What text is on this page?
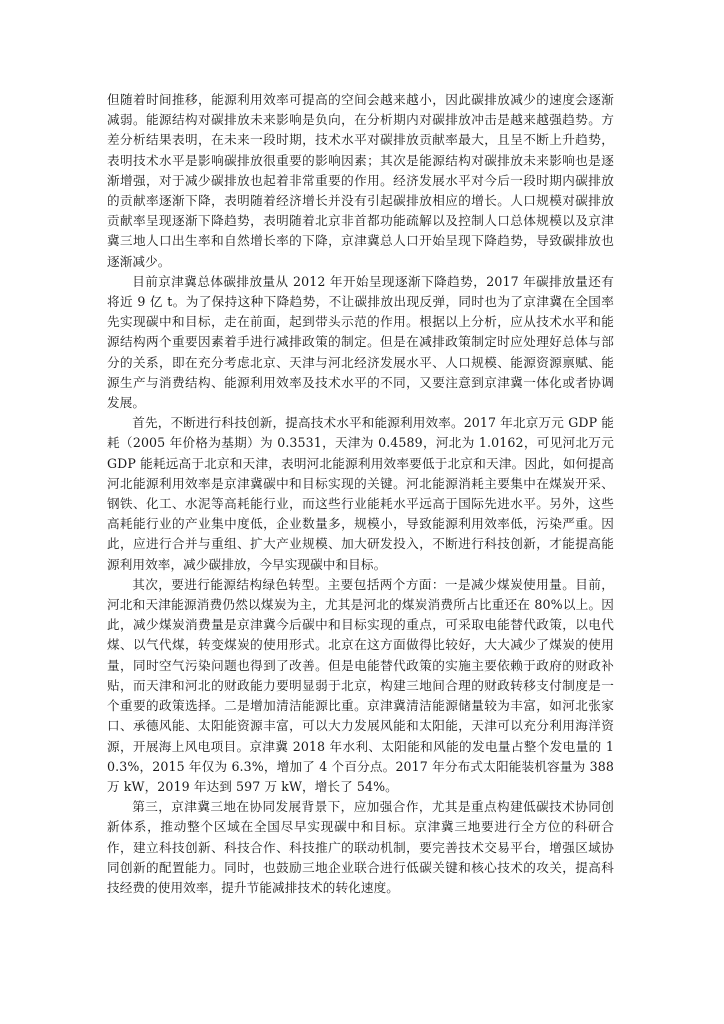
但随着时间推移，能源利用效率可提高的空间会越来越小，因此碳排放减少的速度会逐渐减弱。能源结构对碳排放未来影响是负向，在分析期内对碳排放冲击是越来越强趋势。方差分析结果表明，在未来一段时期，技术水平对碳排放贡献率最大，且呈不断上升趋势，表明技术水平是影响碳排放很重要的影响因素；其次是能源结构对碳排放未来影响也是逐渐增强，对于减少碳排放也起着非常重要的作用。经济发展水平对今后一段时期内碳排放的贡献率逐渐下降，表明随着经济增长并没有引起碳排放相应的增长。人口规模对碳排放贡献率呈现逐渐下降趋势，表明随着北京非首都功能疏解以及控制人口总体规模以及京津冀三地人口出生率和自然增长率的下降，京津冀总人口开始呈现下降趋势，导致碳排放也逐渐减少。

目前京津冀总体碳排放量从 2012 年开始呈现逐渐下降趋势，2017 年碳排放量还有将近 9 亿 t。为了保持这种下降趋势，不让碳排放出现反弹，同时也为了京津冀在全国率先实现碳中和目标，走在前面，起到带头示范的作用。根据以上分析，应从技术水平和能源结构两个重要因素着手进行减排政策的制定。但是在减排政策制定时应处理好总体与部分的关系，即在充分考虑北京、天津与河北经济发展水平、人口规模、能源资源禀赋、能源生产与消费结构、能源利用效率及技术水平的不同，又要注意到京津冀一体化或者协调发展。

首先，不断进行科技创新，提高技术水平和能源利用效率。2017 年北京万元 GDP 能耗（2005 年价格为基期）为 0.3531，天津为 0.4589，河北为 1.0162，可见河北万元 GDP 能耗远高于北京和天津，表明河北能源利用效率要低于北京和天津。因此，如何提高河北能源利用效率是京津冀碳中和目标实现的关键。河北能源消耗主要集中在煤炭开采、钢铁、化工、水泥等高耗能行业，而这些行业能耗水平远高于国际先进水平。另外，这些高耗能行业的产业集中度低，企业数量多，规模小，导致能源利用效率低，污染严重。因此，应进行合并与重组、扩大产业规模、加大研发投入，不断进行科技创新，才能提高能源利用效率，减少碳排放，今早实现碳中和目标。

其次，要进行能源结构绿色转型。主要包括两个方面：一是减少煤炭使用量。目前，河北和天津能源消费仍然以煤炭为主，尤其是河北的煤炭消费所占比重还在 80%以上。因此，减少煤炭消费量是京津冀今后碳中和目标实现的重点，可采取电能替代政策，以电代煤、以气代煤，转变煤炭的使用形式。北京在这方面做得比较好，大大减少了煤炭的使用量，同时空气污染问题也得到了改善。但是电能替代政策的实施主要依赖于政府的财政补贴，而天津和河北的财政能力要明显弱于北京，构建三地间合理的财政转移支付制度是一个重要的政策选择。二是增加清洁能源比重。京津冀清洁能源储量较为丰富，如河北张家口、承德风能、太阳能资源丰富，可以大力发展风能和太阳能，天津可以充分利用海洋资源，开展海上风电项目。京津冀 2018 年水利、太阳能和风能的发电量占整个发电量的 10.3%，2015 年仅为 6.3%，增加了 4 个百分点。2017 年分布式太阳能装机容量为 388 万 kW，2019 年达到 597 万 kW，增长了 54%。

第三，京津冀三地在协同发展背景下，应加强合作，尤其是重点构建低碳技术协同创新体系，推动整个区域在全国尽早实现碳中和目标。京津冀三地要进行全方位的科研合作，建立科技创新、科技合作、科技推广的联动机制，要完善技术交易平台，增强区域协同创新的配置能力。同时，也鼓励三地企业联合进行低碳关键和核心技术的攻关，提高科技经费的使用效率，提升节能减排技术的转化速度。
